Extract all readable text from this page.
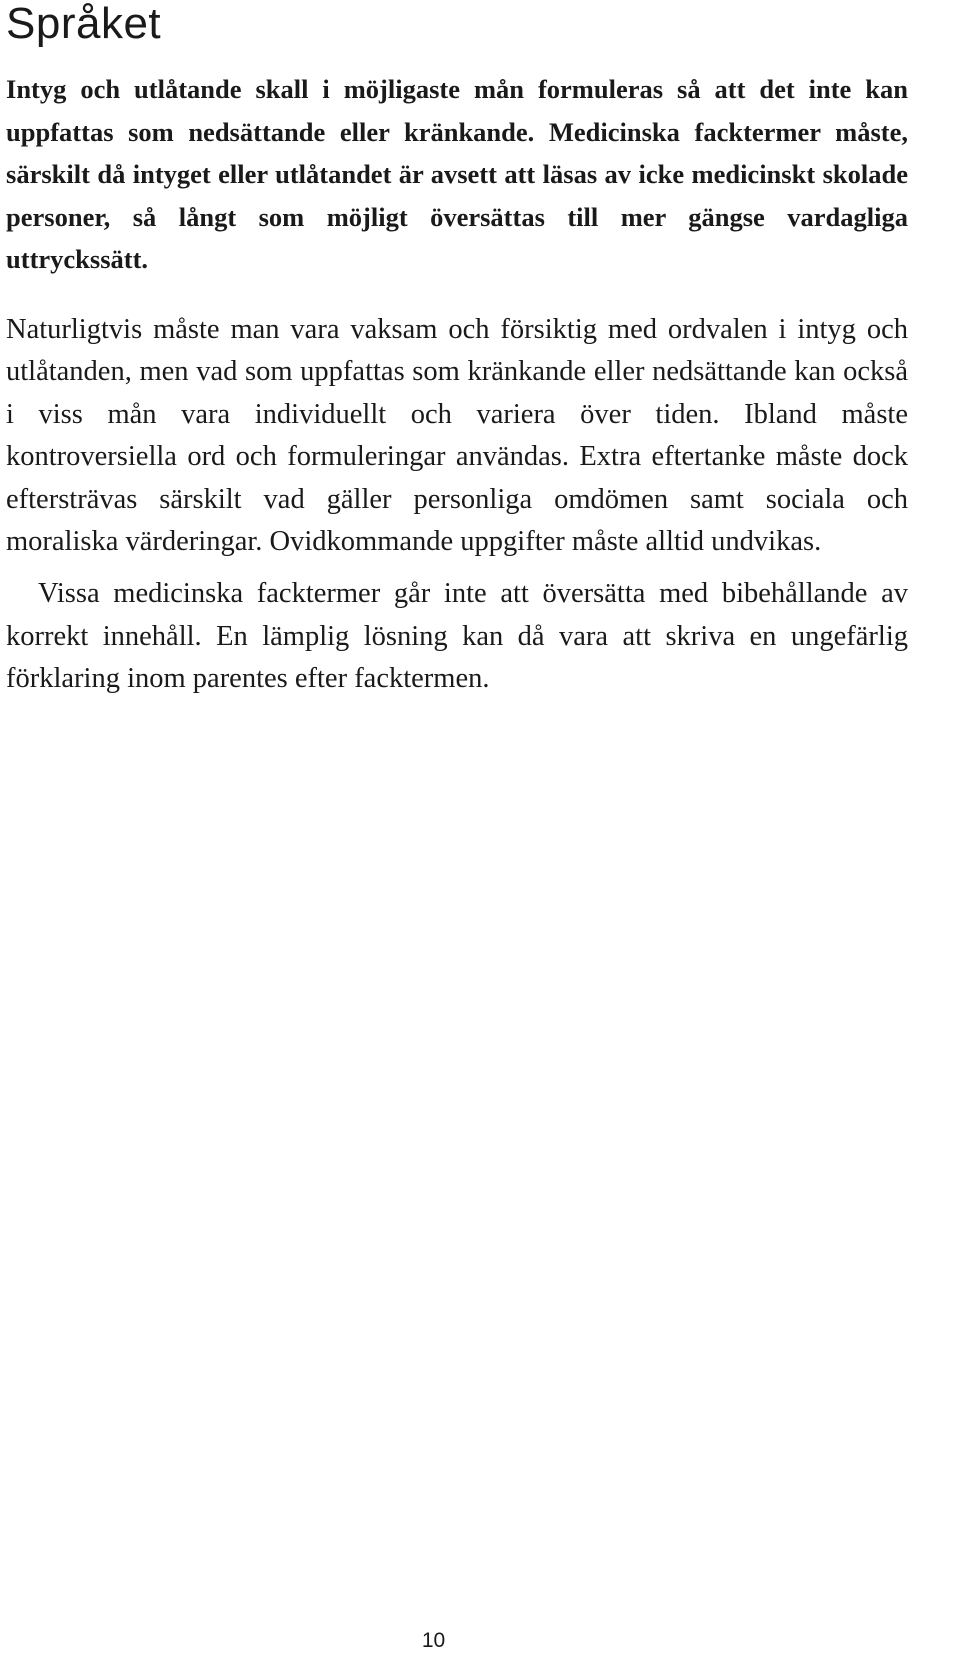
Språket

Intyg och utlåtande skall i möjligaste mån formuleras så att det inte kan uppfattas som nedsättande eller kränkande. Medicinska facktermer måste, särskilt då intyget eller utlåtandet är avsett att läsas av icke medicinskt skolade personer, så långt som möjligt översättas till mer gängse vardagliga uttryckssätt.

Naturligtvis måste man vara vaksam och försiktig med ordvalen i intyg och utlåtanden, men vad som uppfattas som kränkande eller nedsättande kan också i viss mån vara individuellt och variera över tiden. Ibland måste kontroversiella ord och formuleringar användas. Extra eftertanke måste dock eftersträvas särskilt vad gäller personliga omdömen samt sociala och moraliska värderingar. Ovidkommande uppgifter måste alltid undvikas.

Vissa medicinska facktermer går inte att översätta med bibehållande av korrekt innehåll. En lämplig lösning kan då vara att skriva en ungefärlig förklaring inom parentes efter facktermen.

10
